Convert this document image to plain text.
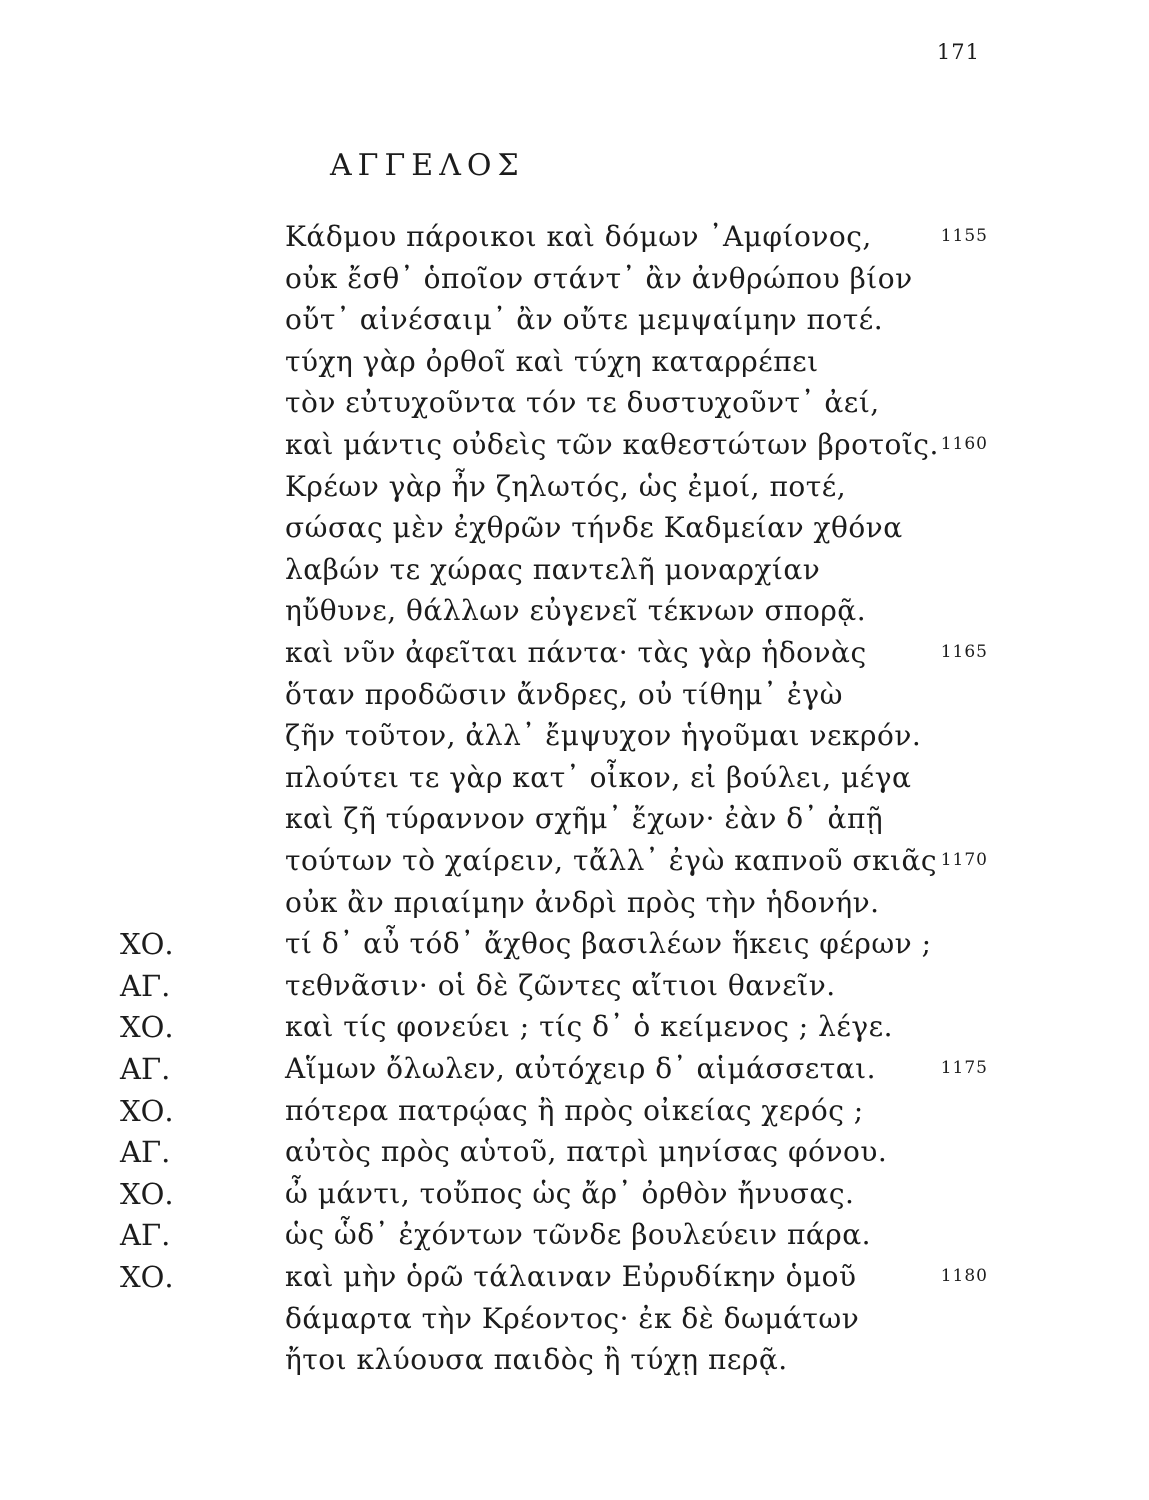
171
ΑΓΓΕΛΟΣ
Κάδμου πάροικοι καὶ δόμων ᾿Αμφίονος,	1155
οὐκ ἔσθ᾿ ὁποῖον στάντ᾿ ἂν ἀνθρώπου βίον
οὔτ᾿ αἰνέσαιμ᾿ ἂν οὔτε μεμψαίμην ποτέ.
τύχη γὰρ ὀρθοῖ καὶ τύχη καταρρέπει
τὸν εὐτυχοῦντα τόν τε δυστυχοῦντ᾿ ἀεί,
καὶ μάντις οὐδεὶς τῶν καθεστώτων βροτοῖς. 1160
Κρέων γὰρ ἦν ζηλωτός, ὡς ἐμοί, ποτέ,
σώσας μὲν ἐχθρῶν τήνδε Καδμείαν χθόνα
λαβών τε χώρας παντελῆ μοναρχίαν
ηὔθυνε, θάλλων εὐγενεῖ τέκνων σπορᾷ.
καὶ νῦν ἀφεῖται πάντα· τὰς γὰρ ἡδονὰς	1165
ὅταν προδῶσιν ἄνδρες, οὐ τίθημ᾿ ἐγὼ
ζῆν τοῦτον, ἀλλ᾿ ἔμψυχον ἡγοῦμαι νεκρόν.
πλούτει τε γὰρ κατ᾿ οἶκον, εἰ βούλει, μέγα
καὶ ζῆ τύραννον σχῆμ᾿ ἔχων· ἐὰν δ᾿ ἀπῇ
τούτων τὸ χαίρειν, τἄλλ᾿ ἐγὼ καπνοῦ σκιᾶς 1170
οὐκ ἂν πριαίμην ἀνδρὶ πρὸς τὴν ἡδονήν.
ΧΟ.	τί δ᾿ αὖ τόδ᾿ ἄχθος βασιλέων ἥκεις φέρων ;
ΑΓ.	τεθνᾶσιν· οἱ δὲ ζῶντες αἴτιοι θανεῖν.
ΧΟ.	καὶ τίς φονεύει ; τίς δ᾿ ὁ κείμενος ; λέγε.
ΑΓ.	Αἵμων ὄλωλεν, αὐτόχειρ δ᾿ αἱμάσσεται.	1175
ΧΟ.	πότερα πατρῴας ἢ πρὸς οἰκείας χερός ;
ΑΓ.	αὐτὸς πρὸς αὑτοῦ, πατρὶ μηνίσας φόνου.
ΧΟ.	ὦ μάντι, τοὔπος ὡς ἄρ᾿ ὀρθὸν ἤνυσας.
ΑΓ.	ὡς ὧδ᾿ ἐχόντων τῶνδε βουλεύειν πάρα.
ΧΟ.	καὶ μὴν ὁρῶ τάλαιναν Εὐρυδίκην ὁμοῦ	1180
δάμαρτα τὴν Κρέοντος· ἐκ δὲ δωμάτων
ἤτοι κλύουσα παιδὸς ἢ τύχῃ περᾷ.
